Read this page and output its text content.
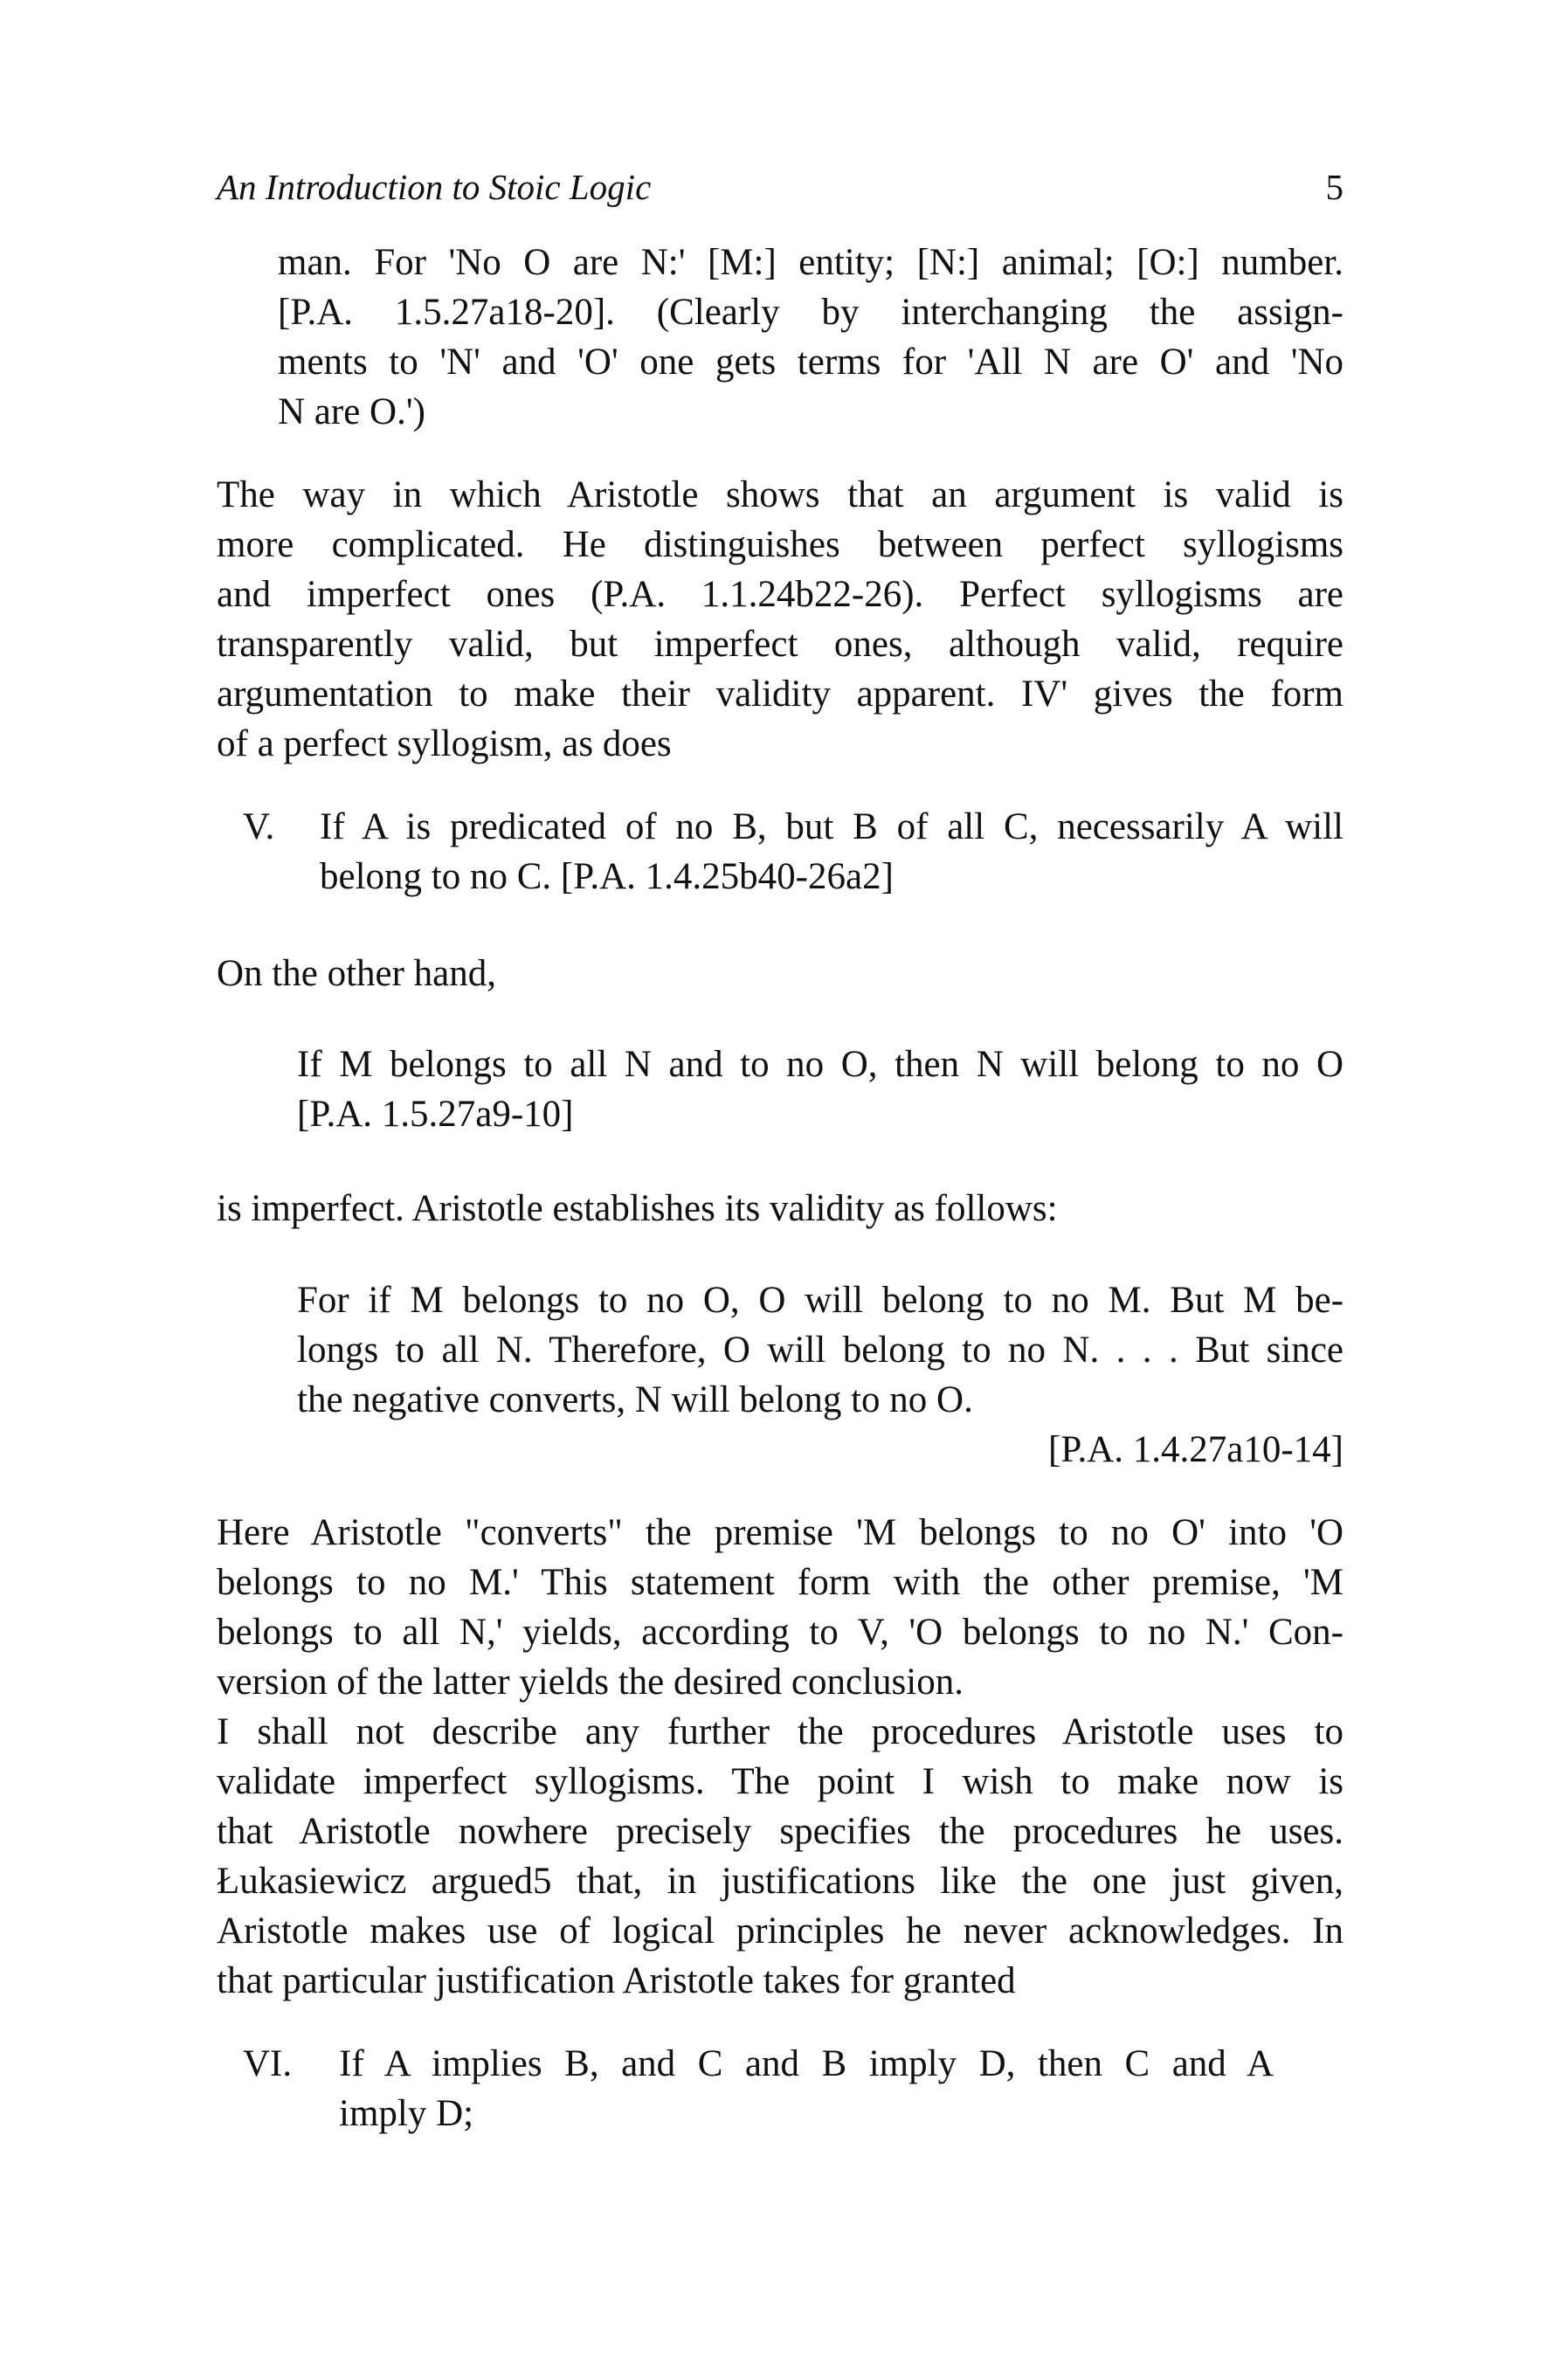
An Introduction to Stoic Logic	5
man. For 'No O are N:' [M:] entity; [N:] animal; [O:] number.
[P.A. 1.5.27a18-20]. (Clearly by interchanging the assign-
ments to 'N' and 'O' one gets terms for 'All N are O' and 'No
N are O.')
The way in which Aristotle shows that an argument is valid is
more complicated. He distinguishes between perfect syllogisms
and imperfect ones (P.A. 1.1.24b22-26). Perfect syllogisms are
transparently valid, but imperfect ones, although valid, require
argumentation to make their validity apparent. IV' gives the form
of a perfect syllogism, as does
V. If A is predicated of no B, but B of all C, necessarily A will
belong to no C. [P.A. 1.4.25b40-26a2]
On the other hand,
If M belongs to all N and to no O, then N will belong to no O
[P.A. 1.5.27a9-10]
is imperfect. Aristotle establishes its validity as follows:
For if M belongs to no O, O will belong to no M. But M be-
longs to all N. Therefore, O will belong to no N. . . . But since
the negative converts, N will belong to no O.
[P.A. 1.4.27a10-14]
Here Aristotle "converts" the premise 'M belongs to no O' into 'O
belongs to no M.' This statement form with the other premise, 'M
belongs to all N,' yields, according to V, 'O belongs to no N.' Con-
version of the latter yields the desired conclusion.
I shall not describe any further the procedures Aristotle uses to
validate imperfect syllogisms. The point I wish to make now is
that Aristotle nowhere precisely specifies the procedures he uses.
Łukasiewicz argued5 that, in justifications like the one just given,
Aristotle makes use of logical principles he never acknowledges. In
that particular justification Aristotle takes for granted
VI. If A implies B, and C and B imply D, then C and A
imply D;
